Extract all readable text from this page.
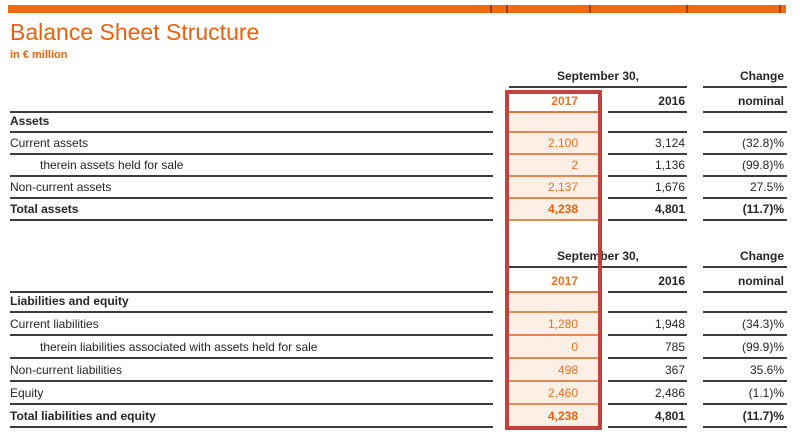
Balance Sheet Structure
in € million
September 30,	Change
2017	2016	nominal
Assets
Current assets	2,100	3,124	(32.8)%
therein assets held for sale	2	1,136	(99.8)%
Non-current assets	2,137	1,676	27.5%
Total assets	4,238	4,801	(11.7)%
September 30,	Change
2017	2016	nominal
Liabilities and equity
Current liabilities	1,280	1,948	(34.3)%
therein liabilities associated with assets held for sale	0	785	(99.9)%
Non-current liabilities	498	367	35.6%
Equity	2,460	2,486	(1.1)%
Total liabilities and equity	4,238	4,801	(11.7)%
